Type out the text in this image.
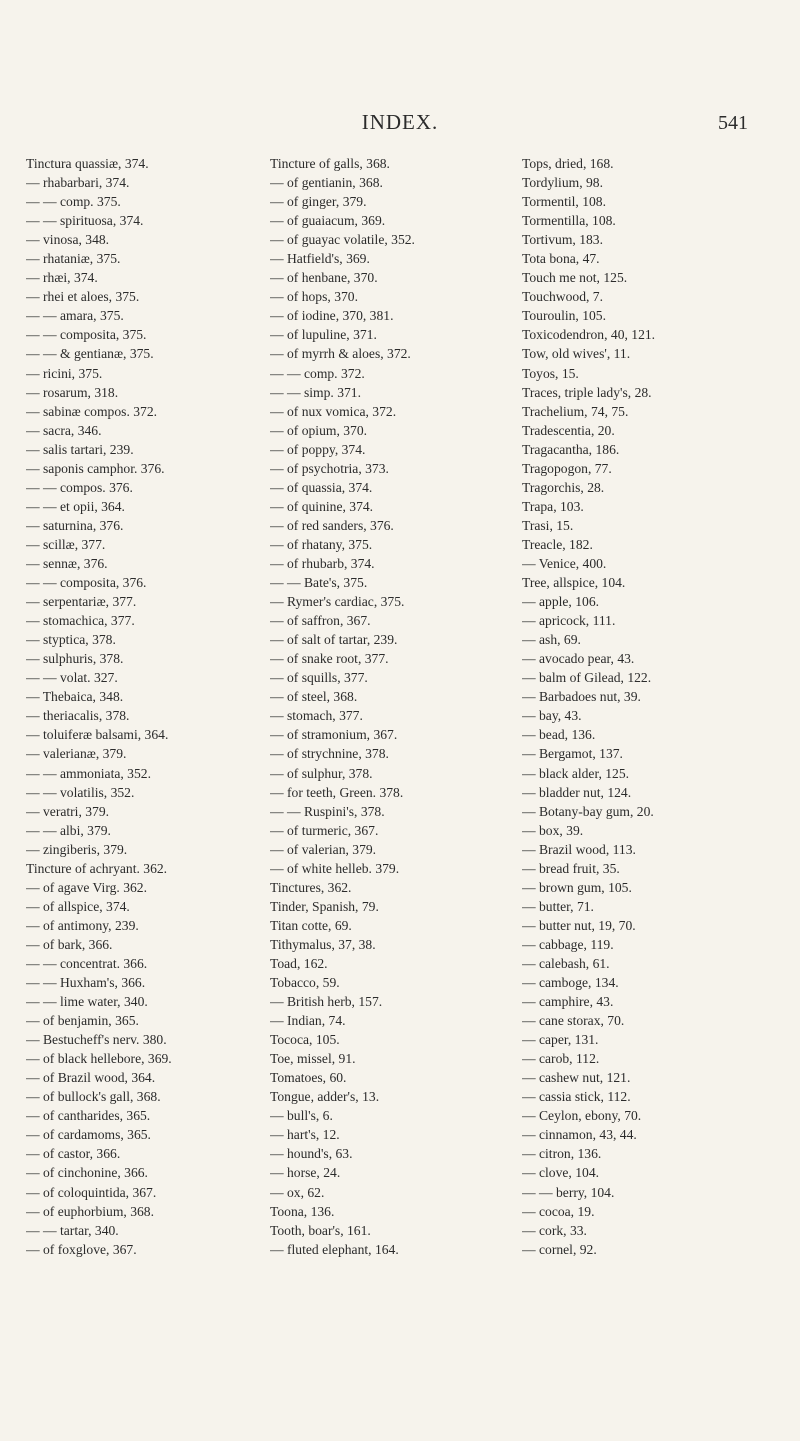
INDEX.	541
Tinctura quassiæ, 374.
— rhabarbari, 374.
— — comp. 375.
— — spirituosa, 374.
— vinosa, 348.
— rhataniæ, 375.
— rhæi, 374.
— rhei et aloes, 375.
— — amara, 375.
— — composita, 375.
— — & gentianæ, 375.
— ricini, 375.
— rosarum, 318.
— sabinæ compos. 372.
— sacra, 346.
— salis tartari, 239.
— saponis camphor. 376.
— — compos. 376.
— — et opii, 364.
— saturnina, 376.
— scillæ, 377.
— sennæ, 376.
— — composita, 376.
— serpentariæ, 377.
— stomachica, 377.
— styptica, 378.
— sulphuris, 378.
— — volat. 327.
— Thebaica, 348.
— theriacalis, 378.
— toluiferæ balsami, 364.
— valerianæ, 379.
— — ammoniata, 352.
— — volatilis, 352.
— veratri, 379.
— — albi, 379.
— zingiberis, 379.
Tincture of achryant. 362.
— of agave Virg. 362.
— of allspice, 374.
— of antimony, 239.
— of bark, 366.
— — concentrat. 366.
— — Huxham's, 366.
— — lime water, 340.
— of benjamin, 365.
— Bestucheff's nerv. 380.
— of black hellebore, 369.
— of Brazil wood, 364.
— of bullock's gall, 368.
— of cantharides, 365.
— of cardamoms, 365.
— of castor, 366.
— of cinchonine, 366.
— of coloquintida, 367.
— of euphorbium, 368.
— — tartar, 340.
— of foxglove, 367.
Tincture of galls, 368.
— of gentianin, 368.
— of ginger, 379.
— of guaiacum, 369.
— of guayac volatile, 352.
— Hatfield's, 369.
— of henbane, 370.
— of hops, 370.
— of iodine, 370, 381.
— of lupuline, 371.
— of myrrh & aloes, 372.
— — comp. 372.
— — simp. 371.
— of nux vomica, 372.
— of opium, 370.
— of poppy, 374.
— of psychotria, 373.
— of quassia, 374.
— of quinine, 374.
— of red sanders, 376.
— of rhatany, 375.
— of rhubarb, 374.
— — Bate's, 375.
— Rymer's cardiac, 375.
— of saffron, 367.
— of salt of tartar, 239.
— of snake root, 377.
— of squills, 377.
— of steel, 368.
— stomach, 377.
— of stramonium, 367.
— of strychnine, 378.
— of sulphur, 378.
— for teeth, Green. 378.
— — Ruspini's, 378.
— of turmeric, 367.
— of valerian, 379.
— of white helleb. 379.
Tinctures, 362.
Tinder, Spanish, 79.
Titan cotte, 69.
Tithymalus, 37, 38.
Toad, 162.
Tobacco, 59.
— British herb, 157.
— Indian, 74.
Tococa, 105.
Toe, missel, 91.
Tomatoes, 60.
Tongue, adder's, 13.
— bull's, 6.
— hart's, 12.
— hound's, 63.
— horse, 24.
— ox, 62.
Toona, 136.
Tooth, boar's, 161.
— fluted elephant, 164.
Tops, dried, 168.
Tordylium, 98.
Tormentil, 108.
Tormentilla, 108.
Tortivum, 183.
Tota bona, 47.
Touch me not, 125.
Touchwood, 7.
Touroulin, 105.
Toxicodendron, 40, 121.
Tow, old wives', 11.
Toyos, 15.
Traces, triple lady's, 28.
Trachelium, 74, 75.
Tradescentia, 20.
Tragacantha, 186.
Tragopogon, 77.
Tragorchis, 28.
Trapa, 103.
Trasi, 15.
Treacle, 182.
— Venice, 400.
Tree, allspice, 104.
— apple, 106.
— apricock, 111.
— ash, 69.
— avocado pear, 43.
— balm of Gilead, 122.
— Barbadoes nut, 39.
— bay, 43.
— bead, 136.
— Bergamot, 137.
— black alder, 125.
— bladder nut, 124.
— Botany-bay gum, 20.
— box, 39.
— Brazil wood, 113.
— bread fruit, 35.
— brown gum, 105.
— butter, 71.
— butter nut, 19, 70.
— cabbage, 119.
— calebash, 61.
— camboge, 134.
— camphire, 43.
— cane storax, 70.
— caper, 131.
— carob, 112.
— cashew nut, 121.
— cassia stick, 112.
— Ceylon, ebony, 70.
— cinnamon, 43, 44.
— citron, 136.
— clove, 104.
— — berry, 104.
— cocoa, 19.
— cork, 33.
— cornel, 92.
